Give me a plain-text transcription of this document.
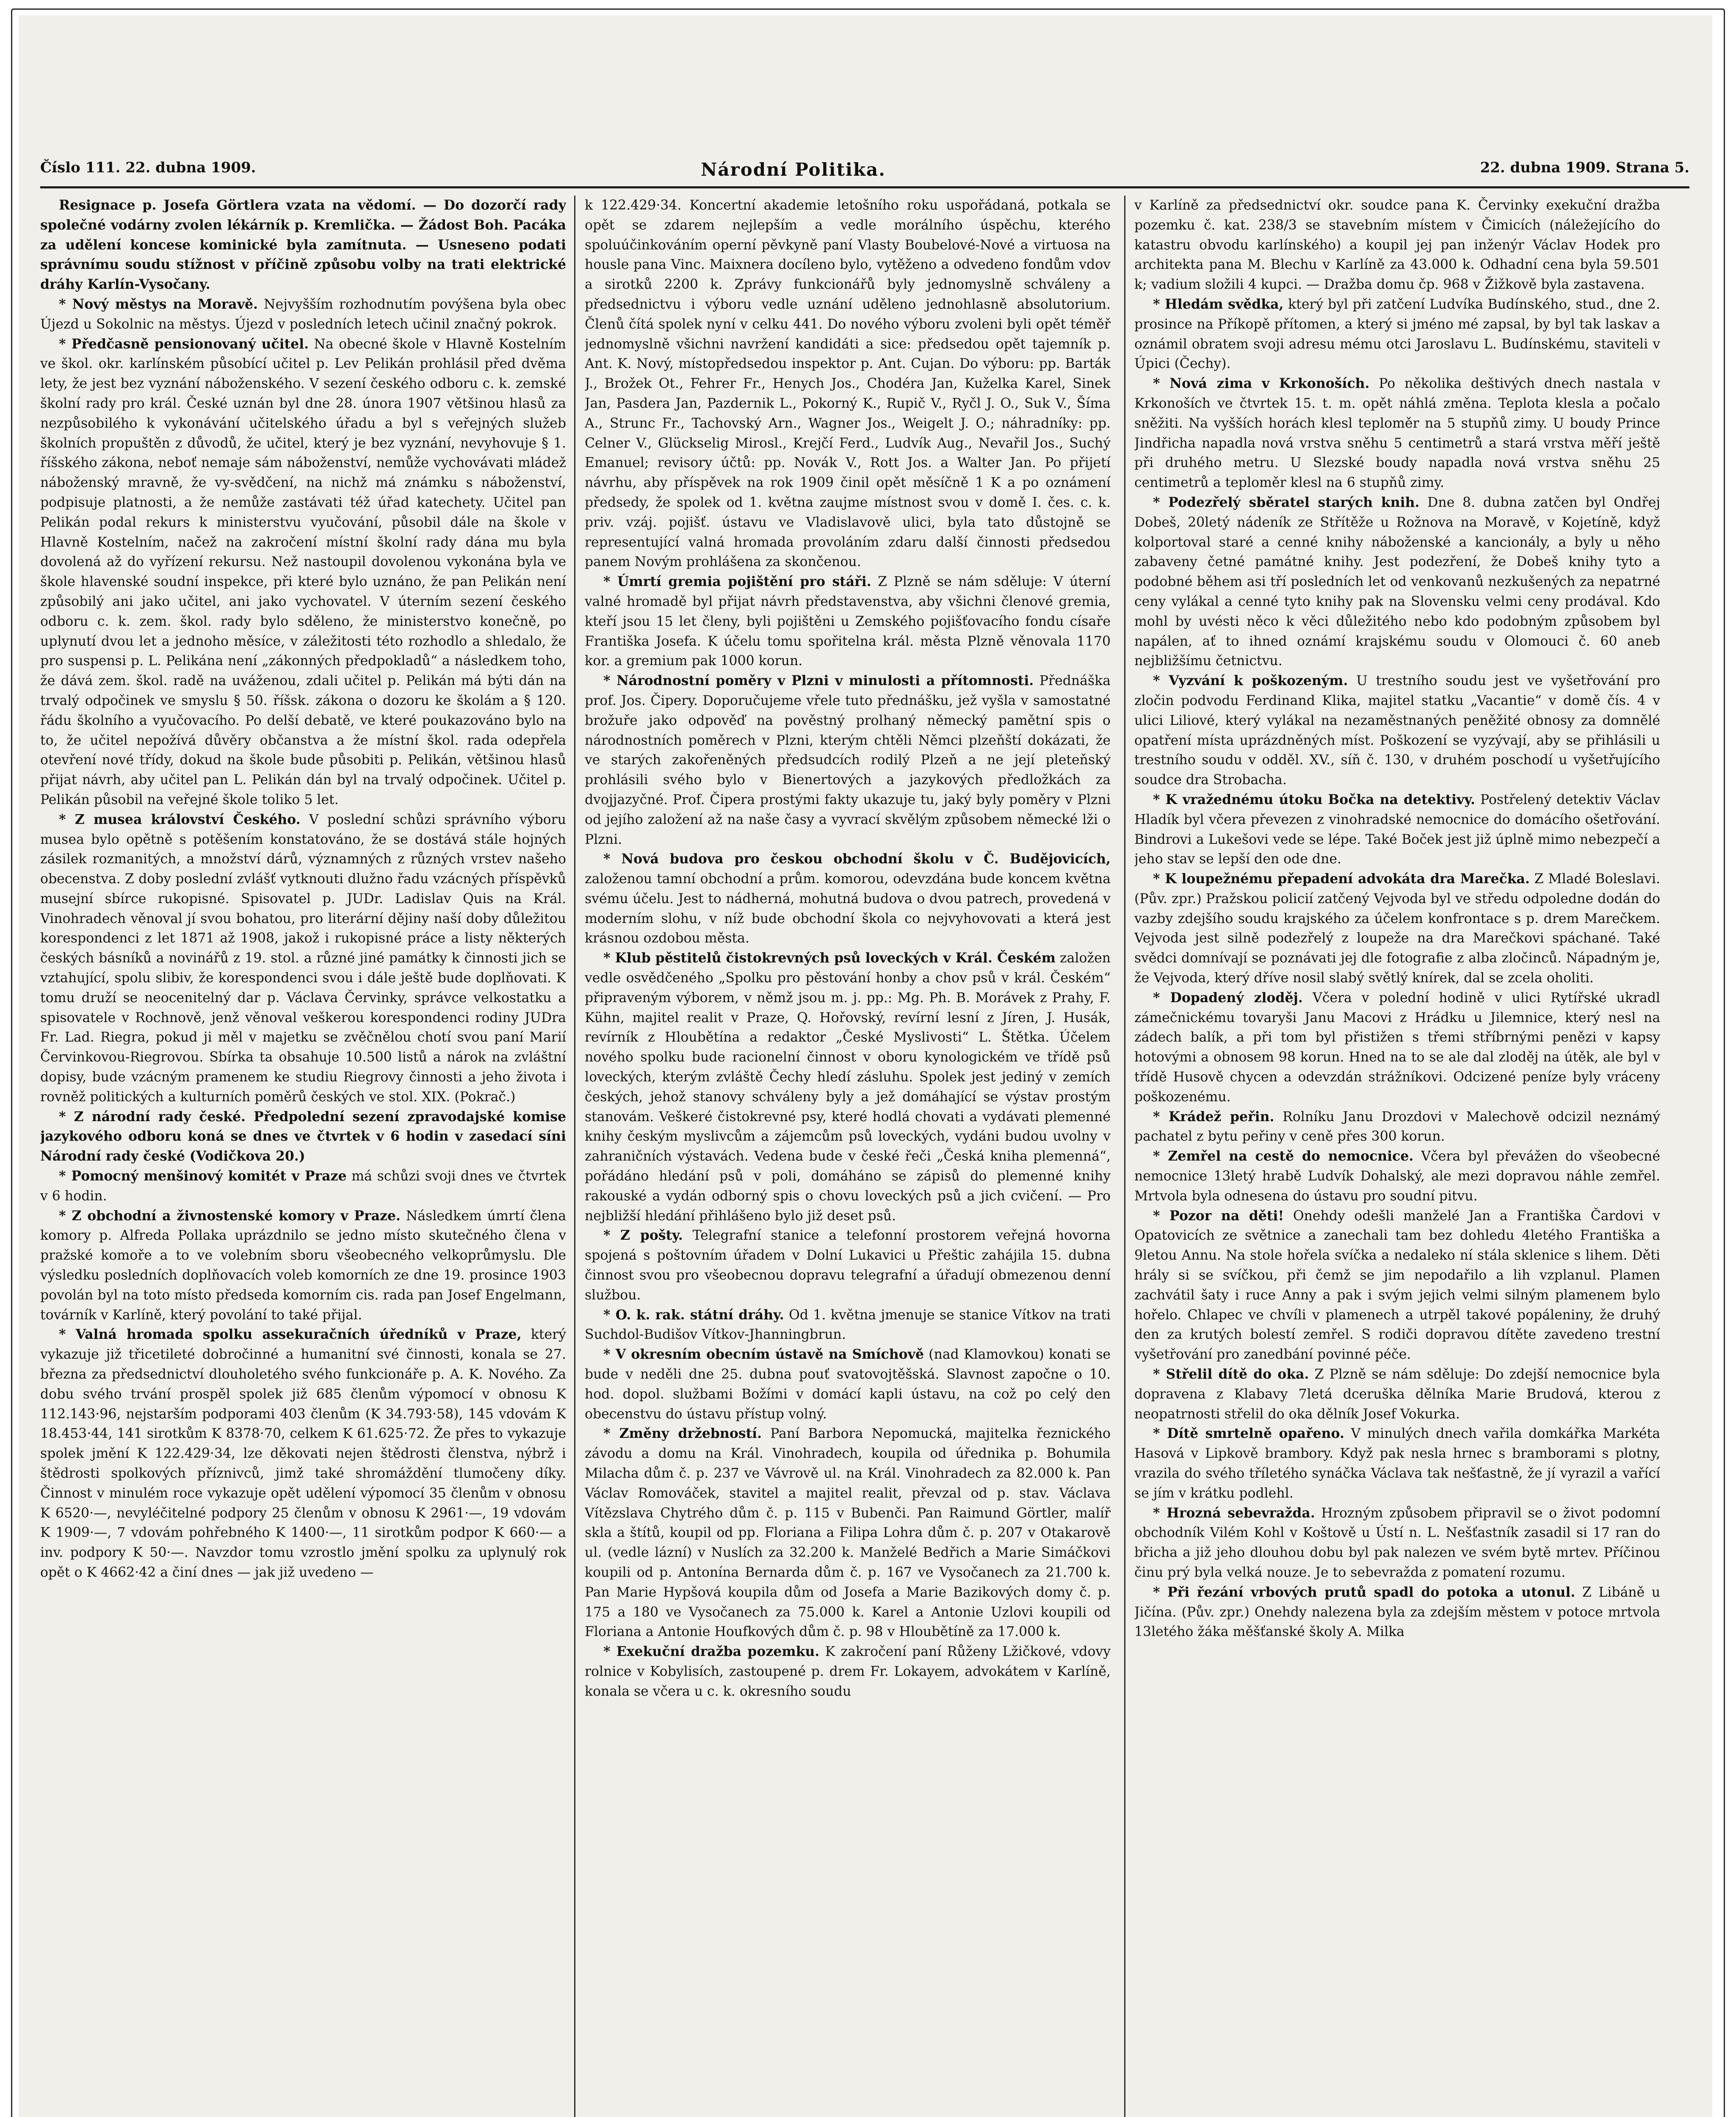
Číslo 111. 22. dubna 1909.	Národní Politika.	22. dubna 1909. Strana 5.

Resignace p. Josefa Görtlera vzata na vědomí. — Do dozorčí rady společné vodárny zvolen lékárník p. Kremlička. — Žádost Boh. Pacáka za udělení koncese kominické byla zamítnuta. — Usneseno podati správnímu soudu stížnost v příčině způsobu volby na trati elektrické dráhy Karlín-Vysočany.

* Nový městys na Moravě. Nejvyšším rozhodnutím povýšena byla obec Újezd u Sokolnic na městys. Újezd v posledních letech učinil značný pokrok.

* Předčasně pensionovaný učitel. Na obecné škole v Hlavně Kostelním ve škol. okr. karlínském působící učitel p. Lev Pelikán prohlásil před dvěma lety, že jest bez vyznání náboženského. V sezení českého odboru c. k. zemské školní rady pro král. České uznán byl dne 28. února 1907 většinou hlasů za nezpůsobilého k vykonávání učitelského úřadu a byl s veřejných služeb školních propuštěn z důvodů, že učitel, který je bez vyznání, nevyhovuje § 1. říšského zákona, neboť nemaje sám náboženství, nemůže vychovávati mládež náboženský mravně, že vy-svědčení, na nichž má známku s náboženství, podpisuje platnosti, a že nemůže zastávati též úřad katechety. Učitel pan Pelikán podal rekurs k ministerstvu vyučování, působil dále na škole v Hlavně Kostelním, načež na zakročení místní školní rady dána mu byla dovolená až do vyřízení rekursu. Než nastoupil dovolenou vykonána byla ve škole hlavenské soudní inspekce, při které bylo uznáno, že pan Pelikán není způsobilý ani jako učitel, ani jako vychovatel. V úterním sezení českého odboru c. k. zem. škol. rady bylo sděleno, že ministerstvo konečně, po uplynutí dvou let a jednoho měsíce, v záležitosti této rozhodlo a shledalo, že pro suspensi p. L. Pelikána není „zákonných předpokladů“ a následkem toho, že dává zem. škol. radě na uváženou, zdali učitel p. Pelikán má býti dán na trvalý odpočinek ve smyslu § 50. říšsk. zákona o dozoru ke školám a § 120. řádu školního a vyučovacího. Po delší debatě, ve které poukazováno bylo na to, že učitel nepožívá důvěry občanstva a že místní škol. rada odepřela otevření nové třídy, dokud na škole bude působiti p. Pelikán, většinou hlasů přijat návrh, aby učitel pan L. Pelikán dán byl na trvalý odpočinek. Učitel p. Pelikán působil na veřejné škole toliko 5 let.

* Z musea království Českého. V poslední schůzi správního výboru musea bylo opětně s potěšením konstatováno, že se dostává stále hojných zásilek rozmanitých, a množství dárů, významných z různých vrstev našeho obecenstva. Z doby poslední zvlášť vytknouti dlužno řadu vzácných příspěvků musejní sbírce rukopisné. Spisovatel p. JUDr. Ladislav Quis na Král. Vinohradech věnoval jí svou bohatou, pro literární dějiny naší doby důležitou korespondenci z let 1871 až 1908, jakož i rukopisné práce a listy některých českých básníků a novinářů z 19. stol. a různé jiné památky k činnosti jich se vztahující, spolu slibiv, že korespondenci svou i dále ještě bude doplňovati. K tomu druží se neocenitelný dar p. Václava Červinky, správce velkostatku a spisovatele v Rochnově, jenž věnoval veškerou korespondenci rodiny JUDra Fr. Lad. Riegra, pokud ji měl v majetku se zvěčnělou chotí svou paní Marií Červinkovou-Riegrovou. Sbírka ta obsahuje 10.500 listů a nárok na zvláštní dopisy, bude vzácným pramenem ke studiu Riegrovy činnosti a jeho života i rovněž politických a kulturních poměrů českých ve stol. XIX. (Pokrač.)

* Z národní rady české. Předpolední sezení zpravodajské komise jazykového odboru koná se dnes ve čtvrtek v 6 hodin v zasedací síni Národní rady české (Vodičkova 20.)

* Pomocný menšinový komitét v Praze má schůzi svoji dnes ve čtvrtek v 6 hodin.

* Z obchodní a živnostenské komory v Praze. Následkem úmrtí člena komory p. Alfreda Pollaka uprázdnilo se jedno místo skutečného člena v pražské komoře a to ve volebním sboru všeobecného velkoprůmyslu. Dle výsledku posledních doplňovacích voleb komorních ze dne 19. prosince 1903 povolán byl na toto místo předseda komorním cis. rada pan Josef Engelmann, továrník v Karlíně, který povolání to také přijal.

* Valná hromada spolku assekuračních úředníků v Praze, který vykazuje již třicetileté dobročinné a humanitní své činnosti, konala se 27. března za předsednictví dlouholetého svého funkcionáře p. A. K. Nového. Za dobu svého trvání prospěl spolek již 685 členům výpomocí v obnosu K 112.143·96, nejstarším podporami 403 členům (K 34.793·58), 145 vdovám K 18.453·44, 141 sirotkům K 8378·70, celkem K 61.625·72. Že přes to vykazuje spolek jmění K 122.429·34, lze děkovati nejen štědrosti členstva, nýbrž i štědrosti spolkových příznivců, jimž také shromáždění tlumočeny díky. Činnost v minulém roce vykazuje opět udělení výpomocí 35 členům v obnosu K 6520·—, nevyléčitelné podpory 25 členům v obnosu K 2961·—, 19 vdovám K 1909·—, 7 vdovám pohřebného K 1400·—, 11 sirotkům podpor K 660·— a inv. podpory K 50·—. Navzdor tomu vzrostlo jmění spolku za uplynulý rok opět o K 4662·42 a činí dnes — jak již uvedeno —

k 122.429·34. Koncertní akademie letošního roku uspořádaná, potkala se opět se zdarem nejlepším a vedle morálního úspěchu, kterého spoluúčinkováním operní pěvkyně paní Vlasty Boubelové-Nové a virtuosa na housle pana Vinc. Maixnera docíleno bylo, vytěženo a odvedeno fondům vdov a sirotků 2200 k. Zprávy funkcionářů byly jednomyslně schváleny a předsednictvu i výboru vedle uznání uděleno jednohlasně absolutorium. Členů čítá spolek nyní v celku 441. Do nového výboru zvoleni byli opět téměř jednomyslně všichni navržení kandidáti a sice: předsedou opět tajemník p. Ant. K. Nový, místopředsedou inspektor p. Ant. Cujan. Do výboru: pp. Barták J., Brožek Ot., Fehrer Fr., Henych Jos., Chodéra Jan, Kuželka Karel, Sinek Jan, Pasdera Jan, Pazdernik L., Pokorný K., Rupič V., Ryčl J. O., Suk V., Šíma A., Strunc Fr., Tachovský Arn., Wagner Jos., Weigelt J. O.; náhradníky: pp. Celner V., Glückselig Mirosl., Krejčí Ferd., Ludvík Aug., Nevařil Jos., Suchý Emanuel; revisory účtů: pp. Novák V., Rott Jos. a Walter Jan. Po přijetí návrhu, aby příspěvek na rok 1909 činil opět měsíčně 1 K a po oznámení předsedy, že spolek od 1. května zaujme místnost svou v domě I. čes. c. k. priv. vzáj. pojišť. ústavu ve Vladislavově ulici, byla tato důstojně se representující valná hromada provoláním zdaru další činnosti předsedou panem Novým prohlášena za skončenou.

* Úmrtí gremia pojištění pro stáři. Z Plzně se nám sděluje: V úterní valné hromadě byl přijat návrh představenstva, aby všichni členové gremia, kteří jsou 15 let členy, byli pojištěni u Zemského pojišťovacího fondu císaře Františka Josefa. K účelu tomu spořitelna král. města Plzně věnovala 1170 kor. a gremium pak 1000 korun.

* Národnostní poměry v Plzni v minulosti a přítomnosti. Přednáška prof. Jos. Čipery. Doporučujeme vřele tuto přednášku, jež vyšla v samostatné brožuře jako odpověď na pověstný prolhaný německý pamětní spis o národnostních poměrech v Plzni, kterým chtěli Němci plzeňští dokázati, že ve starých zakořeněných předsudcích rodilý Plzeň a ne její pleteňský prohlásili svého bylo v Bienertových a jazykových předložkách za dvojjazyčné. Prof. Čipera prostými fakty ukazuje tu, jaký byly poměry v Plzni od jejího založení až na naše časy a vyvrací skvělým způsobem německé lži o Plzni.

* Nová budova pro českou obchodní školu v Č. Budějovicích, založenou tamní obchodní a prům. komorou, odevzdána bude koncem května svému účelu. Jest to nádherná, mohutná budova o dvou patrech, provedená v moderním slohu, v níž bude obchodní škola co nejvyhovovati a která jest krásnou ozdobou města.

* Klub pěstitelů čistokrevných psů loveckých v Král. Českém založen vedle osvědčeného „Spolku pro pěstování honby a chov psů v král. Českém“ připraveným výborem, v němž jsou m. j. pp.: Mg. Ph. B. Morávek z Prahy, F. Kühn, majitel realit v Praze, Q. Hořovský, revírní lesní z Jíren, J. Husák, revírník z Hloubětína a redaktor „České Myslivosti“ L. Štětka. Účelem nového spolku bude racionelní činnost v oboru kynologickém ve třídě psů loveckých, kterým zvláště Čechy hledí zásluhu. Spolek jest jediný v zemích českých, jehož stanovy schváleny byly a jež domáhající se výstav prostým stanovám. Veškeré čistokrevné psy, které hodlá chovati a vydávati plemenné knihy českým myslivcům a zájemcům psů loveckých, vydáni budou uvolny v zahraničních výstavách. Vedena bude v české řeči „Česká kniha plemenná“, pořádáno hledání psů v poli, domáháno se zápisů do plemenné knihy rakouské a vydán odborný spis o chovu loveckých psů a jich cvičení. — Pro nejbližší hledání přihlášeno bylo již deset psů.

* Z pošty. Telegrafní stanice a telefonní prostorem veřejná hovorna spojená s poštovním úřadem v Dolní Lukavici u Přeštic zahájila 15. dubna činnost svou pro všeobecnou dopravu telegrafní a úřadují obmezenou denní službou.

* O. k. rak. státní dráhy. Od 1. května jmenuje se stanice Vítkov na trati Suchdol-Budišov Vítkov-Jhanningbrun.

* V okresním obecním ústavě na Smíchově (nad Klamovkou) konati se bude v neděli dne 25. dubna pouť svatovojtěšská. Slavnost započne o 10. hod. dopol. službami Božími v domácí kapli ústavu, na což po celý den obecenstvu do ústavu přístup volný.

* Změny držebností. Paní Barbora Nepomucká, majitelka řeznického závodu a domu na Král. Vinohradech, koupila od úřednika p. Bohumila Milacha dům č. p. 237 ve Vávrově ul. na Král. Vinohradech za 82.000 k. Pan Václav Romováček, stavitel a majitel realit, převzal od p. stav. Václava Vítězslava Chytrého dům č. p. 115 v Bubenči. Pan Raimund Görtler, malíř skla a štítů, koupil od pp. Floriana a Filipa Lohra dům č. p. 207 v Otakarově ul. (vedle lázní) v Nuslích za 32.200 k. Manželé Bedřich a Marie Simáčkovi koupili od p. Antonína Bernarda dům č. p. 167 ve Vysočanech za 21.700 k. Pan Marie Hypšová koupila dům od Josefa a Marie Bazikových domy č. p. 175 a 180 ve Vysočanech za 75.000 k. Karel a Antonie Uzlovi koupili od Floriana a Antonie Houfkových dům č. p. 98 v Hloubětíně za 17.000 k.

* Exekuční dražba pozemku. K zakročení paní Růženy Lžičkové, vdovy rolnice v Kobylisích, zastoupené p. drem Fr. Lokayem, advokátem v Karlíně, konala se včera u c. k. okresního soudu

v Karlíně za předsednictví okr. soudce pana K. Červinky exekuční dražba pozemku č. kat. 238/3 se stavebním místem v Čimicích (náležejícího do katastru obvodu karlínského) a koupil jej pan inženýr Václav Hodek pro architekta pana M. Blechu v Karlíně za 43.000 k. Odhadní cena byla 59.501 k; vadium složili 4 kupci. — Dražba domu čp. 968 v Žižkově byla zastavena.

* Hledám svědka, který byl při zatčení Ludvíka Budínského, stud., dne 2. prosince na Příkopě přítomen, a který si jméno mé zapsal, by byl tak laskav a oznámil obratem svoji adresu mému otci Jaroslavu L. Budínskému, staviteli v Úpici (Čechy).

* Nová zima v Krkonoších. Po několika deštivých dnech nastala v Krkonoších ve čtvrtek 15. t. m. opět náhlá změna. Teplota klesla a počalo sněžiti. Na vyšších horách klesl teploměr na 5 stupňů zimy. U boudy Prince Jindřicha napadla nová vrstva sněhu 5 centimetrů a stará vrstva měří ještě při druhého metru. U Slezské boudy napadla nová vrstva sněhu 25 centimetrů a teploměr klesl na 6 stupňů zimy.

* Podezřelý sběratel starých knih. Dne 8. dubna zatčen byl Ondřej Dobeš, 20letý nádeník ze Střítěže u Rožnova na Moravě, v Kojetíně, když kolportoval staré a cenné knihy náboženské a kancionály, a byly u něho zabaveny četné památné knihy. Jest podezření, že Dobeš knihy tyto a podobné během asi tří posledních let od venkovanů nezkušených za nepatrné ceny vylákal a cenné tyto knihy pak na Slovensku velmi ceny prodával. Kdo mohl by uvésti něco k věci důležitého nebo kdo podobným způsobem byl napálen, ať to ihned oznámí krajskému soudu v Olomouci č. 60 aneb nejbližšímu četnictvu.

* Vyzvání k poškozeným. U trestního soudu jest ve vyšetřování pro zločin podvodu Ferdinand Klika, majitel statku „Vacantie“ v domě čís. 4 v ulici Liliové, který vylákal na nezaměstnaných peněžité obnosy za domnělé opatření místa uprázdněných míst. Poškození se vyzývají, aby se přihlásili u trestního soudu v odděl. XV., síň č. 130, v druhém poschodí u vyšetřujícího soudce dra Strobacha.

* K vražednému útoku Bočka na detektivy. Postřelený detektiv Václav Hladík byl včera převezen z vinohradské nemocnice do domácího ošetřování. Bindrovi a Lukešovi vede se lépe. Také Boček jest již úplně mimo nebezpečí a jeho stav se lepší den ode dne.

* K loupežnému přepadení advokáta dra Marečka. Z Mladé Boleslavi. (Pův. zpr.) Pražskou policií zatčený Vejvoda byl ve středu odpoledne dodán do vazby zdejšího soudu krajského za účelem konfrontace s p. drem Marečkem. Vejvoda jest silně podezřelý z loupeže na dra Marečkovi spáchané. Také svědci domnívají se poznávati jej dle fotografie z alba zločinců. Nápadným je, že Vejvoda, který dříve nosil slabý světlý knírek, dal se zcela oholiti.

* Dopadený zloděj. Včera v polední hodině v ulici Rytířské ukradl zámečnickému tovaryši Janu Macovi z Hrádku u Jilemnice, který nesl na zádech balík, a při tom byl přistižen s třemi stříbrnými penězi v kapsy hotovými a obnosem 98 korun. Hned na to se ale dal zloděj na útěk, ale byl v třídě Husově chycen a odevzdán strážníkovi. Odcizené peníze byly vráceny poškozenému.

* Krádež peřin. Rolníku Janu Drozdovi v Malechově odcizil neznámý pachatel z bytu peřiny v ceně přes 300 korun.

* Zemřel na cestě do nemocnice. Včera byl převážen do všeobecné nemocnice 13letý hrabě Ludvík Dohalský, ale mezi dopravou náhle zemřel. Mrtvola byla odnesena do ústavu pro soudní pitvu.

* Pozor na děti! Onehdy odešli manželé Jan a Františka Čardovi v Opatovicích ze světnice a zanechali tam bez dohledu 4letého Františka a 9letou Annu. Na stole hořela svíčka a nedaleko ní stála sklenice s lihem. Děti hrály si se svíčkou, při čemž se jim nepodařilo a lih vzplanul. Plamen zachvátil šaty i ruce Anny a pak i svým jejich velmi silným plamenem bylo hořelo. Chlapec ve chvíli v plamenech a utrpěl takové popáleniny, že druhý den za krutých bolestí zemřel. S rodiči dopravou dítěte zavedeno trestní vyšetřování pro zanedbání povinné péče.

* Střelil dítě do oka. Z Plzně se nám sděluje: Do zdejší nemocnice byla dopravena z Klabavy 7letá dceruška dělníka Marie Brudová, kterou z neopatrnosti střelil do oka dělník Josef Vokurka.

* Dítě smrtelně opařeno. V minulých dnech vařila domkářka Markéta Hasová v Lipkově brambory. Když pak nesla hrnec s bramborami s plotny, vrazila do svého tříletého synáčka Václava tak nešťastně, že jí vyrazil a vařící se jím v krátku podlehl.

* Hrozná sebevražda. Hrozným způsobem připravil se o život podomní obchodník Vilém Kohl v Koštově u Ústí n. L. Nešťastník zasadil si 17 ran do břicha a již jeho dlouhou dobu byl pak nalezen ve svém bytě mrtev. Příčinou činu prý byla velká nouze. Je to sebevražda z pomatení rozumu.

* Při řezání vrbových prutů spadl do potoka a utonul. Z Libáně u Jičína. (Pův. zpr.) Onehdy nalezena byla za zdejším městem v potoce mrtvola 13letého žáka měšťanské školy A. Milka
